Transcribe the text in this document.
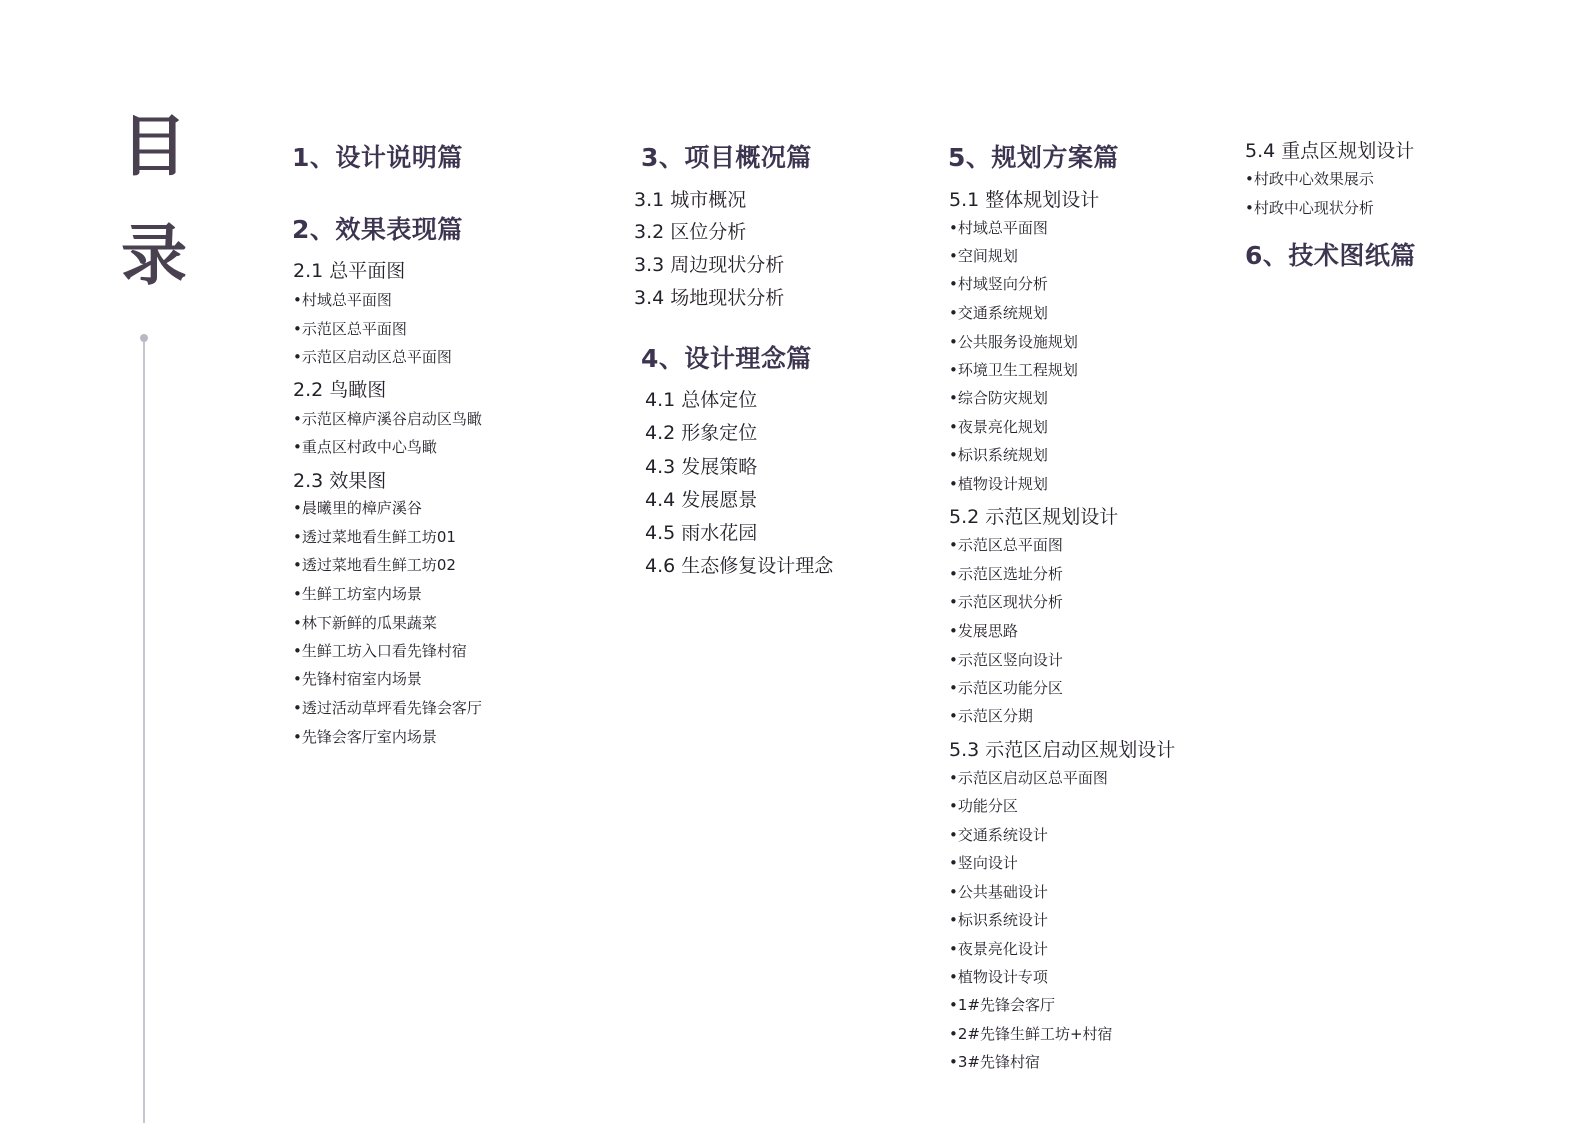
目
录
1、设计说明篇
2、效果表现篇
2.1 总平面图
•村域总平面图
•示范区总平面图
•示范区启动区总平面图
2.2 鸟瞰图
•示范区樟庐溪谷启动区鸟瞰
•重点区村政中心鸟瞰
2.3 效果图
•晨曦里的樟庐溪谷
•透过菜地看生鲜工坊01
•透过菜地看生鲜工坊02
•生鲜工坊室内场景
•林下新鲜的瓜果蔬菜
•生鲜工坊入口看先锋村宿
•先锋村宿室内场景
•透过活动草坪看先锋会客厅
•先锋会客厅室内场景
3、项目概况篇
3.1 城市概况
3.2 区位分析
3.3 周边现状分析
3.4 场地现状分析
4、设计理念篇
4.1 总体定位
4.2 形象定位
4.3 发展策略
4.4 发展愿景
4.5 雨水花园
4.6 生态修复设计理念
5、规划方案篇
5.1 整体规划设计
•村域总平面图
•空间规划
•村域竖向分析
•交通系统规划
•公共服务设施规划
•环境卫生工程规划
•综合防灾规划
•夜景亮化规划
•标识系统规划
•植物设计规划
5.2 示范区规划设计
•示范区总平面图
•示范区选址分析
•示范区现状分析
•发展思路
•示范区竖向设计
•示范区功能分区
•示范区分期
5.3 示范区启动区规划设计
•示范区启动区总平面图
•功能分区
•交通系统设计
•竖向设计
•公共基础设计
•标识系统设计
•夜景亮化设计
•植物设计专项
•1#先锋会客厅
•2#先锋生鲜工坊+村宿
•3#先锋村宿
5.4 重点区规划设计
•村政中心效果展示
•村政中心现状分析
6、技术图纸篇
